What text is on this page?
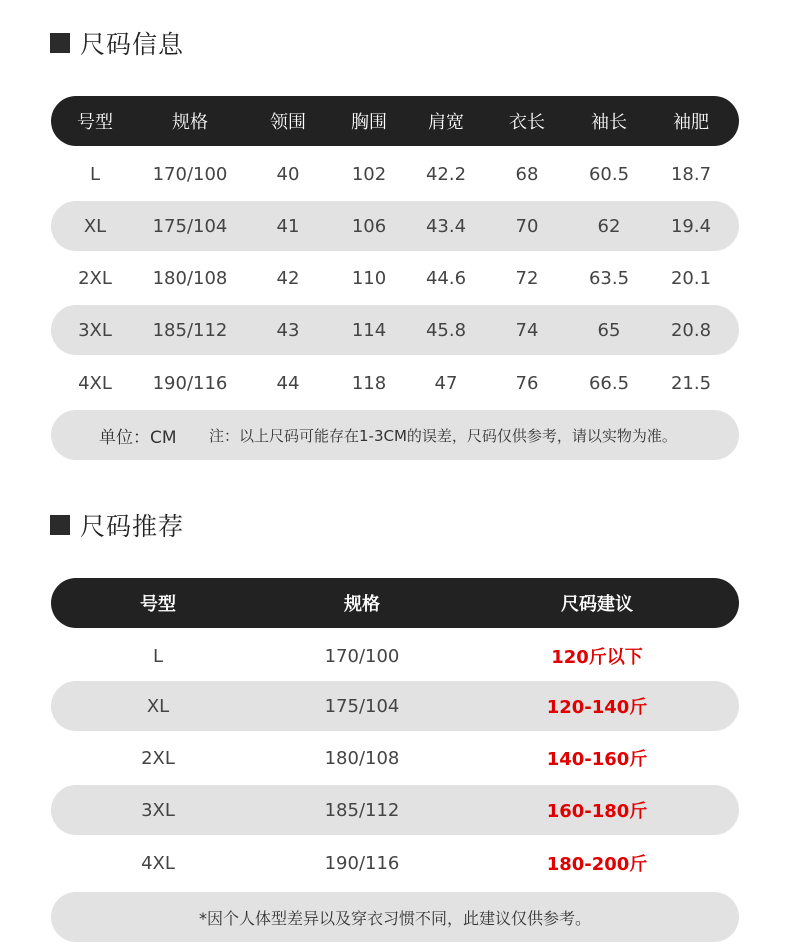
尺码信息
号型	规格	领围	胸围	肩宽	衣长	袖长	袖肥
L	170/100	40	102	42.2	68	60.5	18.7
XL	175/104	41	106	43.4	70	62	19.4
2XL	180/108	42	110	44.6	72	63.5	20.1
3XL	185/112	43	114	45.8	74	65	20.8
4XL	190/116	44	118	47	76	66.5	21.5
单位：CM 注：以上尺码可能存在1-3CM的误差，尺码仅供参考，请以实物为准。
尺码推荐
号型	规格	尺码建议
L	170/100	120斤以下
XL	175/104	120-140斤
2XL	180/108	140-160斤
3XL	185/112	160-180斤
4XL	190/116	180-200斤
*因个人体型差异以及穿衣习惯不同，此建议仅供参考。
